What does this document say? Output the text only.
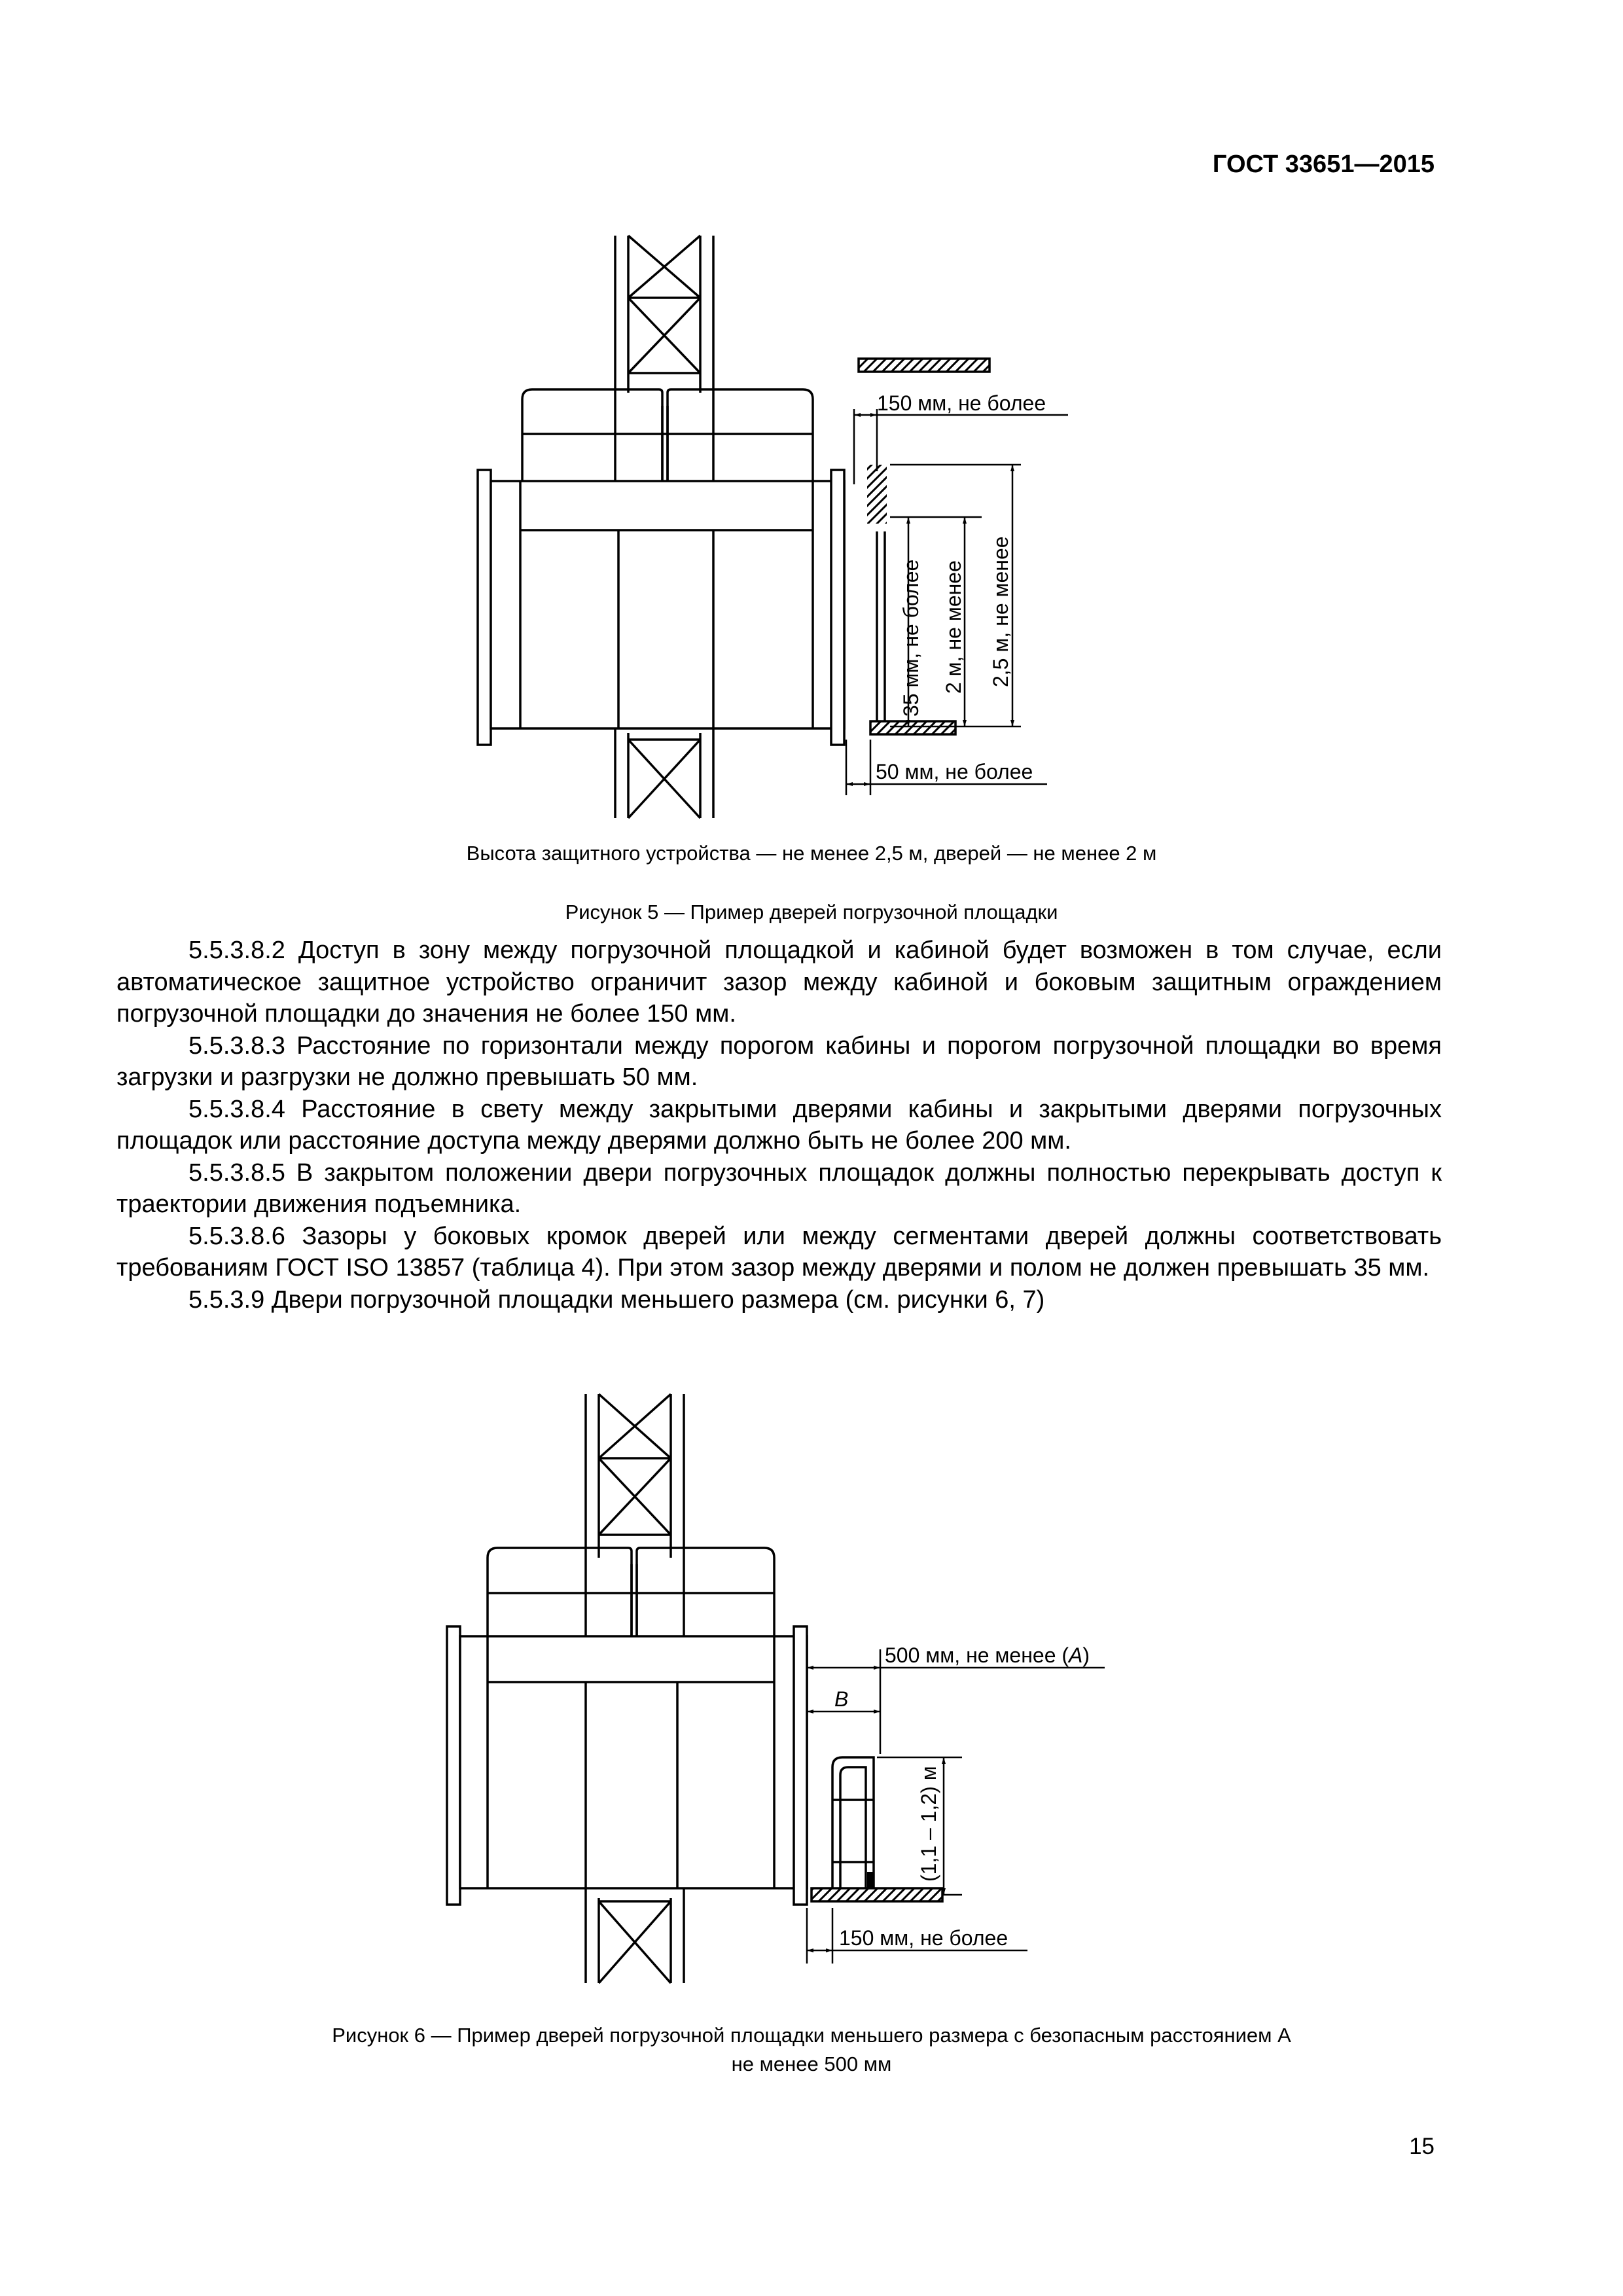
ГОСТ 33651—2015
150 мм, не более
35 мм, не более 2 м, не менее 2,5 м, не менее
50 мм, не более
Высота защитного устройства — не менее 2,5 м, дверей — не менее 2 м
Рисунок 5 — Пример дверей погрузочной площадки

5.5.3.8.2 Доступ в зону между погрузочной площадкой и кабиной будет возможен в том случае, если автоматическое защитное устройство ограничит зазор между кабиной и боковым защитным ограждением погрузочной площадки до значения не более 150 мм.

5.5.3.8.3 Расстояние по горизонтали между порогом кабины и порогом погрузочной площадки во время загрузки и разгрузки не должно превышать 50 мм.

5.5.3.8.4 Расстояние в свету между закрытыми дверями кабины и закрытыми дверями погрузочных площадок или расстояние доступа между дверями должно быть не более 200 мм.

5.5.3.8.5 В закрытом положении двери погрузочных площадок должны полностью перекрывать доступ к траектории движения подъемника.

5.5.3.8.6 Зазоры у боковых кромок дверей или между сегментами дверей должны соответствовать требованиям ГОСТ ISO 13857 (таблица 4). При этом зазор между дверями и полом не должен превышать 35 мм.

5.5.3.9 Двери погрузочной площадки меньшего размера (см. рисунки 6, 7)

500 мм, не менее (A)
B
(1,1 – 1,2) м
150 мм, не более
Рисунок 6 — Пример дверей погрузочной площадки меньшего размера с безопасным расстоянием А
не менее 500 мм
15
